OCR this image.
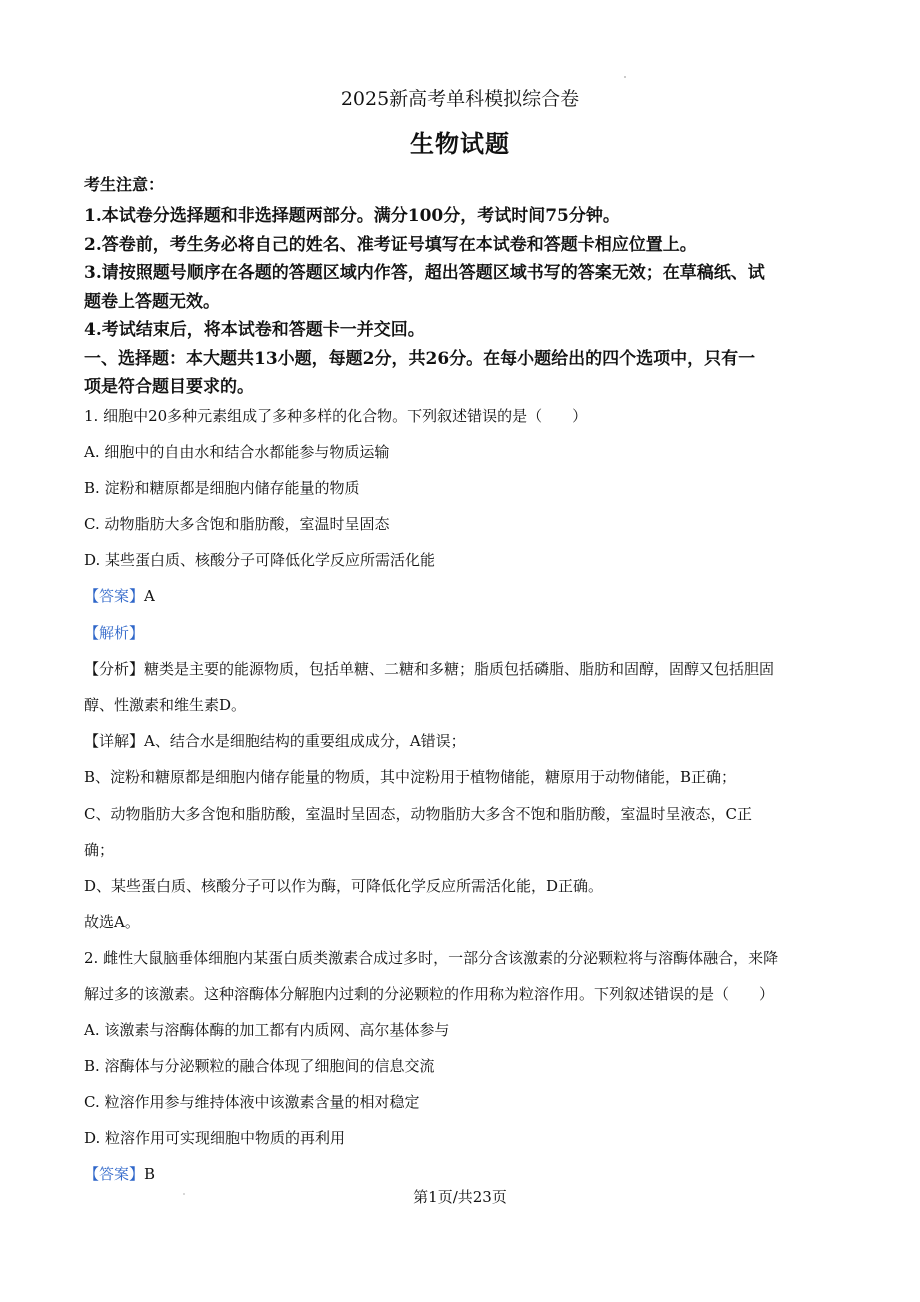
2025新高考单科模拟综合卷
生物试题
考生注意：
1.本试卷分选择题和非选择题两部分。满分100分，考试时间75分钟。
2.答卷前，考生务必将自己的姓名、准考证号填写在本试卷和答题卡相应位置上。
3.请按照题号顺序在各题的答题区域内作答，超出答题区域书写的答案无效；在草稿纸、试
题卷上答题无效。
4.考试结束后，将本试卷和答题卡一并交回。
一、选择题：本大题共13小题，每题2分，共26分。在每小题给出的四个选项中，只有一
项是符合题目要求的。
1. 细胞中20多种元素组成了多种多样的化合物。下列叙述错误的是（　　）
A. 细胞中的自由水和结合水都能参与物质运输
B. 淀粉和糖原都是细胞内储存能量的物质
C. 动物脂肪大多含饱和脂肪酸，室温时呈固态
D. 某些蛋白质、核酸分子可降低化学反应所需活化能
【答案】A
【解析】
【分析】糖类是主要的能源物质，包括单糖、二糖和多糖；脂质包括磷脂、脂肪和固醇，固醇又包括胆固
醇、性激素和维生素D。
【详解】A、结合水是细胞结构的重要组成成分，A错误；
B、淀粉和糖原都是细胞内储存能量的物质，其中淀粉用于植物储能，糖原用于动物储能，B正确；
C、动物脂肪大多含饱和脂肪酸，室温时呈固态，动物脂肪大多含不饱和脂肪酸，室温时呈液态，C正
确；
D、某些蛋白质、核酸分子可以作为酶，可降低化学反应所需活化能，D正确。
故选A。
2. 雌性大鼠脑垂体细胞内某蛋白质类激素合成过多时，一部分含该激素的分泌颗粒将与溶酶体融合，来降
解过多的该激素。这种溶酶体分解胞内过剩的分泌颗粒的作用称为粒溶作用。下列叙述错误的是（　　）
A. 该激素与溶酶体酶的加工都有内质网、高尔基体参与
B. 溶酶体与分泌颗粒的融合体现了细胞间的信息交流
C. 粒溶作用参与维持体液中该激素含量的相对稳定
D. 粒溶作用可实现细胞中物质的再利用
【答案】B
第1页/共23页
